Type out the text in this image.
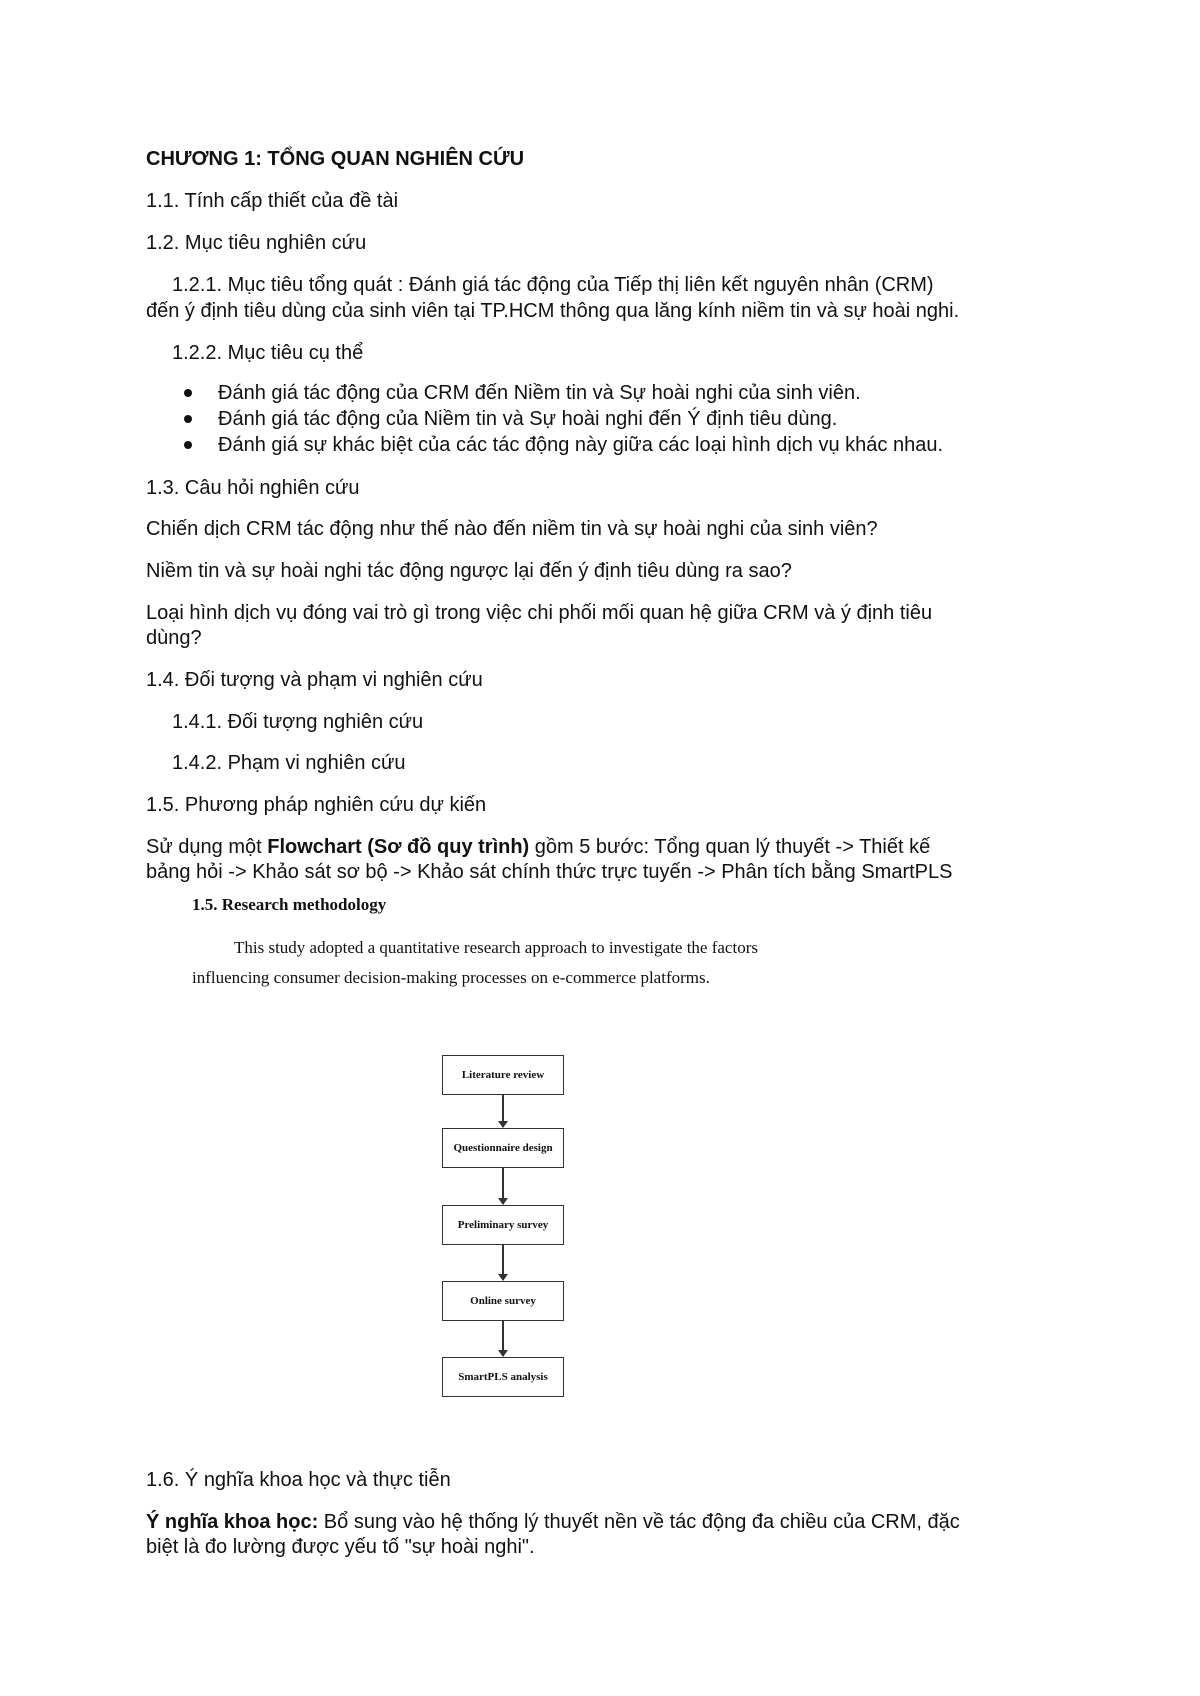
CHƯƠNG 1: TỔNG QUAN NGHIÊN CỨU
1.1. Tính cấp thiết của đề tài
1.2. Mục tiêu nghiên cứu
1.2.1. Mục tiêu tổng quát : Đánh giá tác động của Tiếp thị liên kết nguyên nhân (CRM)
đến ý định tiêu dùng của sinh viên tại TP.HCM thông qua lăng kính niềm tin và sự hoài nghi.
1.2.2. Mục tiêu cụ thể
Đánh giá tác động của CRM đến Niềm tin và Sự hoài nghi của sinh viên.
Đánh giá tác động của Niềm tin và Sự hoài nghi đến Ý định tiêu dùng.
Đánh giá sự khác biệt của các tác động này giữa các loại hình dịch vụ khác nhau.
1.3. Câu hỏi nghiên cứu
Chiến dịch CRM tác động như thế nào đến niềm tin và sự hoài nghi của sinh viên?
Niềm tin và sự hoài nghi tác động ngược lại đến ý định tiêu dùng ra sao?
Loại hình dịch vụ đóng vai trò gì trong việc chi phối mối quan hệ giữa CRM và ý định tiêu
dùng?
1.4. Đối tượng và phạm vi nghiên cứu
1.4.1. Đối tượng nghiên cứu
1.4.2. Phạm vi nghiên cứu
1.5. Phương pháp nghiên cứu dự kiến
Sử dụng một Flowchart (Sơ đồ quy trình) gồm 5 bước: Tổng quan lý thuyết -> Thiết kế
bảng hỏi -> Khảo sát sơ bộ -> Khảo sát chính thức trực tuyến -> Phân tích bằng SmartPLS
1.5. Research methodology
This study adopted a quantitative research approach to investigate the factors
influencing consumer decision-making processes on e-commerce platforms.
Literature review
Questionnaire design
Preliminary survey
Online survey
SmartPLS analysis
1.6. Ý nghĩa khoa học và thực tiễn
Ý nghĩa khoa học: Bổ sung vào hệ thống lý thuyết nền về tác động đa chiều của CRM, đặc
biệt là đo lường được yếu tố "sự hoài nghi".
